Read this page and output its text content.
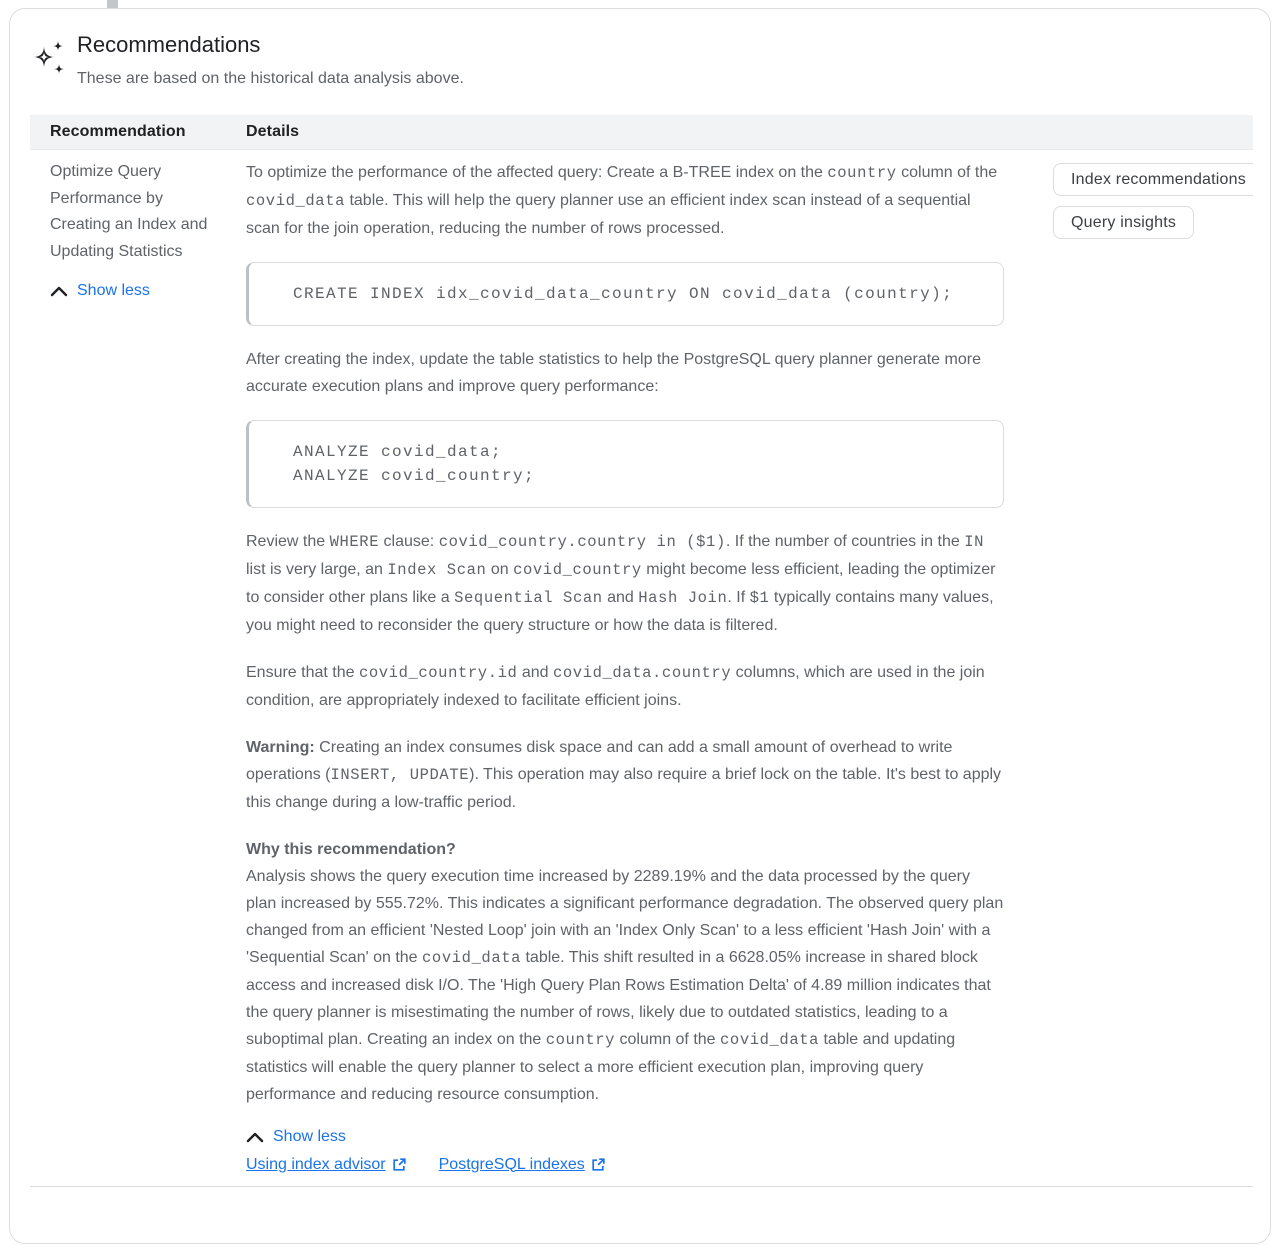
Recommendations
These are based on the historical data analysis above.
Recommendation	Details
Optimize Query Performance by Creating an Index and Updating Statistics
Show less
To optimize the performance of the affected query: Create a B-TREE index on the country column of the covid_data table. This will help the query planner use an efficient index scan instead of a sequential scan for the join operation, reducing the number of rows processed.
CREATE INDEX idx_covid_data_country ON covid_data (country);
After creating the index, update the table statistics to help the PostgreSQL query planner generate more accurate execution plans and improve query performance:
ANALYZE covid_data;
ANALYZE covid_country;
Review the WHERE clause: covid_country.country in ($1). If the number of countries in the IN list is very large, an Index Scan on covid_country might become less efficient, leading the optimizer to consider other plans like a Sequential Scan and Hash Join. If $1 typically contains many values, you might need to reconsider the query structure or how the data is filtered.
Ensure that the covid_country.id and covid_data.country columns, which are used in the join condition, are appropriately indexed to facilitate efficient joins.
Warning: Creating an index consumes disk space and can add a small amount of overhead to write operations (INSERT, UPDATE). This operation may also require a brief lock on the table. It's best to apply this change during a low-traffic period.
Why this recommendation?
Analysis shows the query execution time increased by 2289.19% and the data processed by the query plan increased by 555.72%. This indicates a significant performance degradation. The observed query plan changed from an efficient 'Nested Loop' join with an 'Index Only Scan' to a less efficient 'Hash Join' with a 'Sequential Scan' on the covid_data table. This shift resulted in a 6628.05% increase in shared block access and increased disk I/O. The 'High Query Plan Rows Estimation Delta' of 4.89 million indicates that the query planner is misestimating the number of rows, likely due to outdated statistics, leading to a suboptimal plan. Creating an index on the country column of the covid_data table and updating statistics will enable the query planner to select a more efficient execution plan, improving query performance and reducing resource consumption.
Show less
Using index advisor	PostgreSQL indexes
Index recommendations
Query insights
